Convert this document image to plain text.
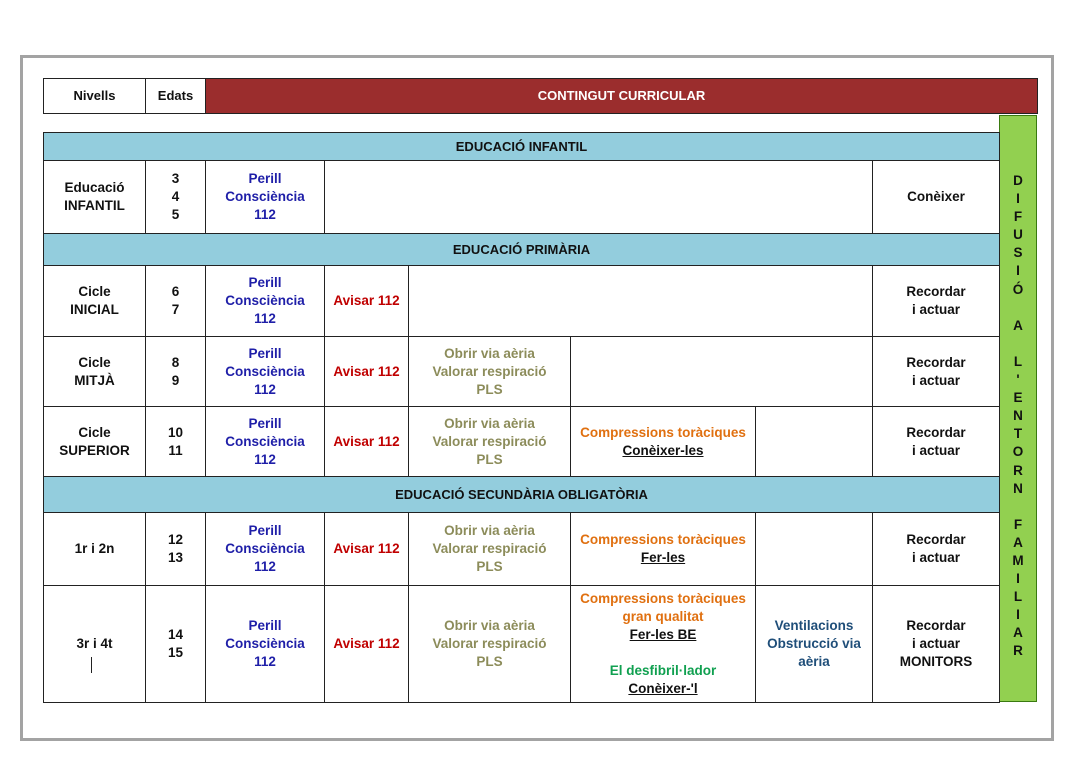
Nivells	Edats	CONTINGUT CURRICULAR
D
I
F
U
S
I
Ó
A
L
'
E
N
T
O
R
N
F
A
M
I
L
I
A
R
EDUCACIÓ INFANTIL
Educació
INFANTIL
3
4
5
Perill
Consciència
112
Conèixer
EDUCACIÓ PRIMÀRIA
Cicle
INICIAL
6
7
Perill
Consciència
112
Avisar 112
Recordar
i actuar
Cicle
MITJÀ
8
9
Perill
Consciència
112
Avisar 112
Obrir via aèria
Valorar respiració
PLS
Recordar
i actuar
Cicle
SUPERIOR
10
11
Perill
Consciència
112
Avisar 112
Obrir via aèria
Valorar respiració
PLS
Compressions toràciques
Conèixer-les
Recordar
i actuar
EDUCACIÓ SECUNDÀRIA OBLIGATÒRIA
1r i 2n
12
13
Perill
Consciència
112
Avisar 112
Obrir via aèria
Valorar respiració
PLS
Compressions toràciques
Fer-les
Recordar
i actuar
3r i 4t
14
15
Perill
Consciència
112
Avisar 112
Obrir via aèria
Valorar respiració
PLS
Compressions toràciques
gran qualitat
Fer-les BE
El desfibril·lador
Conèixer-'l
Ventilacions
Obstrucció via
aèria
Recordar
i actuar
MONITORS
